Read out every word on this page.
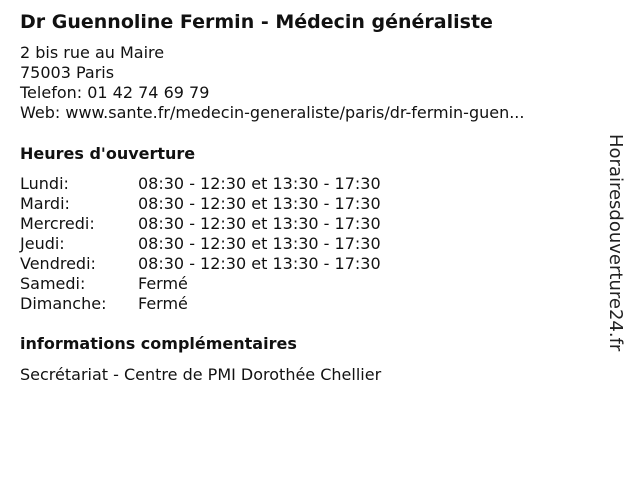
Dr Guennoline Fermin - Médecin généraliste
2 bis rue au Maire
75003 Paris
Telefon: 01 42 74 69 79
Web: www.sante.fr/medecin-generaliste/paris/dr-fermin-guen...
Heures d'ouverture
Lundi:	08:30 - 12:30 et 13:30 - 17:30
Mardi:	08:30 - 12:30 et 13:30 - 17:30
Mercredi:	08:30 - 12:30 et 13:30 - 17:30
Jeudi:	08:30 - 12:30 et 13:30 - 17:30
Vendredi:	08:30 - 12:30 et 13:30 - 17:30
Samedi:	Fermé
Dimanche: Fermé
informations complémentaires
Secrétariat - Centre de PMI Dorothée Chellier
Horairesdouverture24.fr
